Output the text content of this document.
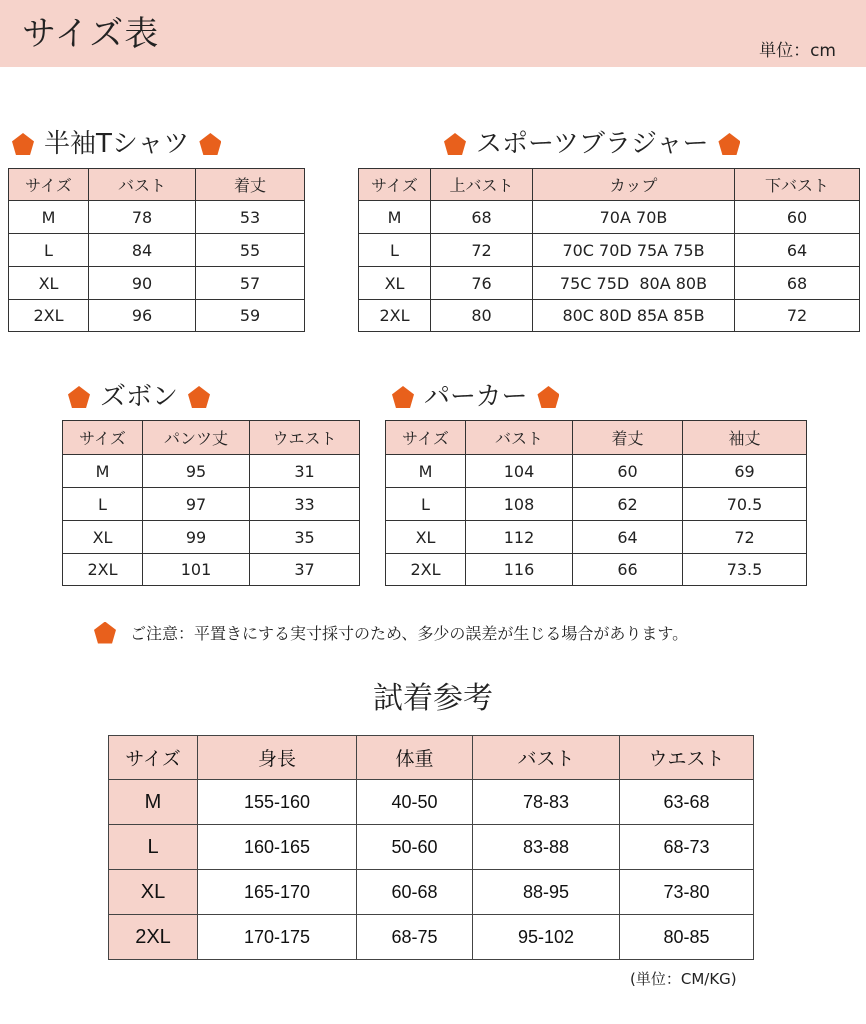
サイズ表	単位：cm
半袖Tシャツ
サイズ	バスト	着丈
M	78	53
L	84	55
XL	90	57
2XL	96	59
スポーツブラジャー
サイズ	上バスト	カップ	下バスト
M	68	70A 70B	60
L	72	70C 70D 75A 75B	64
XL	76	75C 75D  80A 80B	68
2XL	80	80C 80D 85A 85B	72
ズボン
サイズ	パンツ丈	ウエスト
M	95	31
L	97	33
XL	99	35
2XL	101	37
パーカー
サイズ	バスト	着丈	袖丈
M	104	60	69
L	108	62	70.5
XL	112	64	72
2XL	116	66	73.5
ご注意：平置きにする実寸採寸のため、多少の誤差が生じる場合があります。
試着参考
サイズ	身長	体重	バスト	ウエスト
M	155-160	40-50	78-83	63-68
L	160-165	50-60	83-88	68-73
XL	165-170	60-68	88-95	73-80
2XL	170-175	68-75	95-102	80-85
(単位：CM/KG)
